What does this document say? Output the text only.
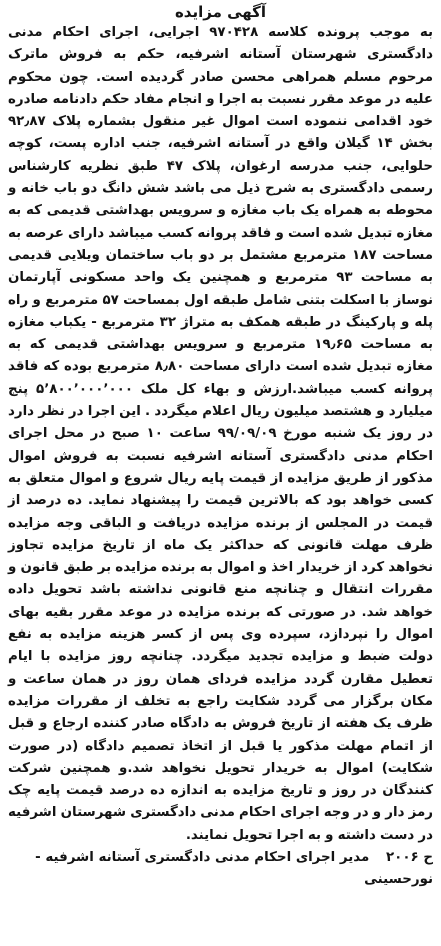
آگهی مزایده

به موجب پرونده کلاسه ۹۷۰۴۲۸ اجرایی، اجرای احکام مدنی دادگستری شهرستان آستانه اشرفیه، حکم به فروش ماترک مرحوم مسلم همراهی محسن صادر گردیده است. چون محکوم علیه در موعد مقرر نسبت به اجرا و انجام مفاد حکم دادنامه صادره خود اقدامی ننموده است اموال غیر منقول بشماره پلاک ۹۲٫۸۷ بخش ۱۴ گیلان واقع در آستانه اشرفیه، جنب اداره پست، کوچه حلوایی، جنب مدرسه ارغوان، پلاک ۴۷ طبق نظریه کارشناس رسمی دادگستری به شرح ذیل می باشد شش دانگ دو باب خانه و محوطه به همراه یک باب مغازه و سرویس بهداشتی قدیمی که به مغازه تبدیل شده است و فاقد پروانه کسب میباشد دارای عرصه به مساحت ۱۸۷ مترمربع مشتمل بر دو باب ساختمان ویلایی قدیمی به مساحت ۹۳ مترمربع و همچنین یک واحد مسکونی آپارتمان نوساز با اسکلت بتنی شامل طبقه اول بمساحت ۵۷ مترمربع و راه پله و پارکینگ در طبقه همکف به متراژ ۳۲ مترمربع - یکباب مغازه به مساحت ۱۹٫۶۵ مترمربع و سرویس بهداشتی قدیمی که به مغازه تبدیل شده است دارای مساحت ۸٫۸۰ مترمربع بوده که فاقد پروانه کسب میباشد.ارزش و بهاء کل ملک ۵٬۸۰۰٬۰۰۰٬۰۰۰ پنج میلیارد و هشتصد میلیون ریال اعلام میگردد . این اجرا در نظر دارد در روز یک شنبه مورخ ۹۹/۰۹/۰۹ ساعت ۱۰ صبح در محل اجرای احکام مدنی دادگستری آستانه اشرفیه نسبت به فروش اموال مذکور از طریق مزایده از قیمت پایه ریال شروع و اموال متعلق به کسی خواهد بود که بالاترین قیمت را پیشنهاد نماید. ده درصد از قیمت در المجلس از برنده مزایده دریافت و الباقی وجه مزایده ظرف مهلت قانونی که حداکثر یک ماه از تاریخ مزایده تجاوز نخواهد کرد از خریدار اخذ و اموال به برنده مزایده بر طبق قانون و مقررات انتقال و چنانچه منع قانونی نداشته باشد تحویل داده خواهد شد. در صورتی که برنده مزایده در موعد مقرر بقیه بهای اموال را نپردازد، سپرده وی پس از کسر هزینه مزایده به نفع دولت ضبط و مزایده تجدید میگردد. چنانچه روز مزایده با ایام تعطیل مقارن گردد مزایده فردای همان روز در همان ساعت و مکان برگزار می گردد شکایت راجع به تخلف از مقررات مزایده ظرف یک هفته از تاریخ فروش به دادگاه صادر کننده ارجاع و قبل از اتمام مهلت مذکور یا قبل از اتخاذ تصمیم دادگاه (در صورت شکایت) اموال به خریدار تحویل نخواهد شد.و همچنین شرکت کنندگان در روز و تاریخ مزایده به اندازه ده درصد قیمت پایه چک رمز دار و در وجه اجرای احکام مدنی دادگستری شهرستان اشرفیه در دست داشته و به اجرا تحویل نمایند.

ح ۲۰۰۶ مدیر اجرای احکام مدنی دادگستری آستانه اشرفیه -
نورحسینی
